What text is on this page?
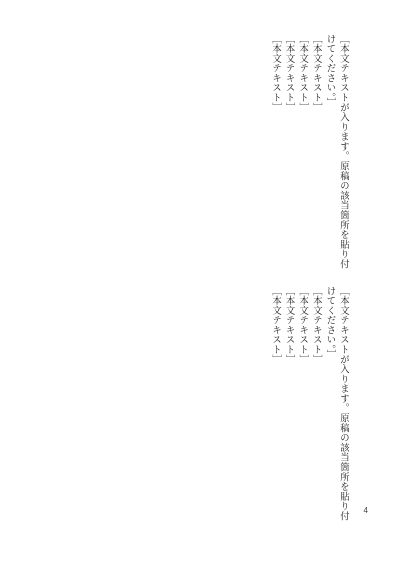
［本文テキストが入ります。原稿の該当箇所を貼り付けてください。］

［本文テキスト］

［本文テキスト］

［本文テキスト］

［本文テキスト］

［本文テキストが入ります。原稿の該当箇所を貼り付けてください。］

［本文テキスト］

［本文テキスト］

［本文テキスト］

［本文テキスト］

4
